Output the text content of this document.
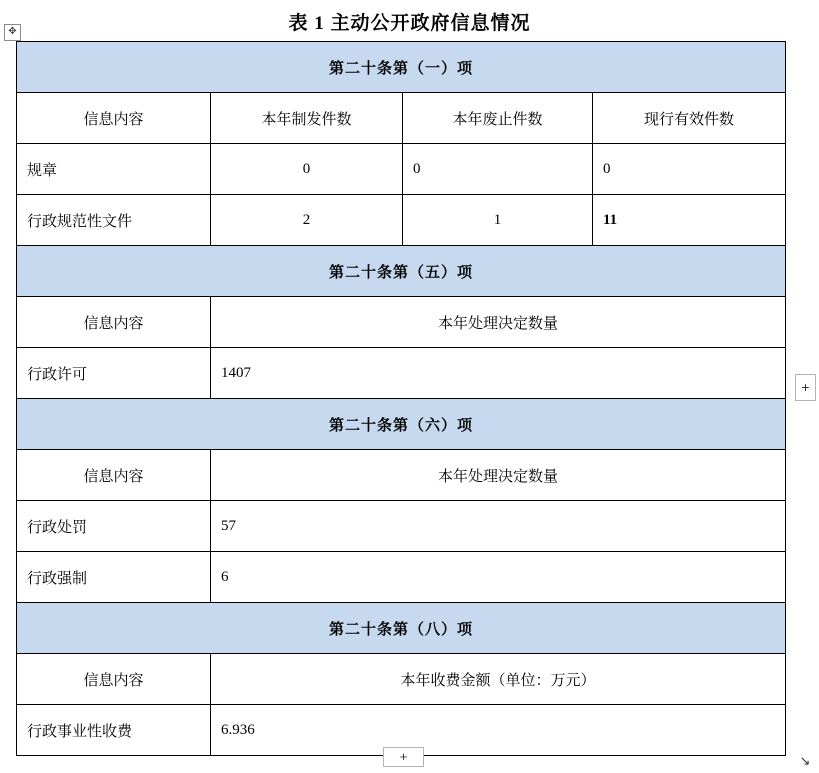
表 1 主动公开政府信息情况
第二十条第（一）项			
信息内容	本年制发件数	本年废止件数	现行有效件数
规章	0	0	0
行政规范性文件	2	1	11
第二十条第（五）项			
信息内容	本年处理决定数量		
行政许可	1407		
第二十条第（六）项			
信息内容	本年处理决定数量		
行政处罚	57		
行政强制	6		
第二十条第（八）项			
信息内容	本年收费金额（单位：万元）		
行政事业性收费	6.936		
✥
+
+	↘
